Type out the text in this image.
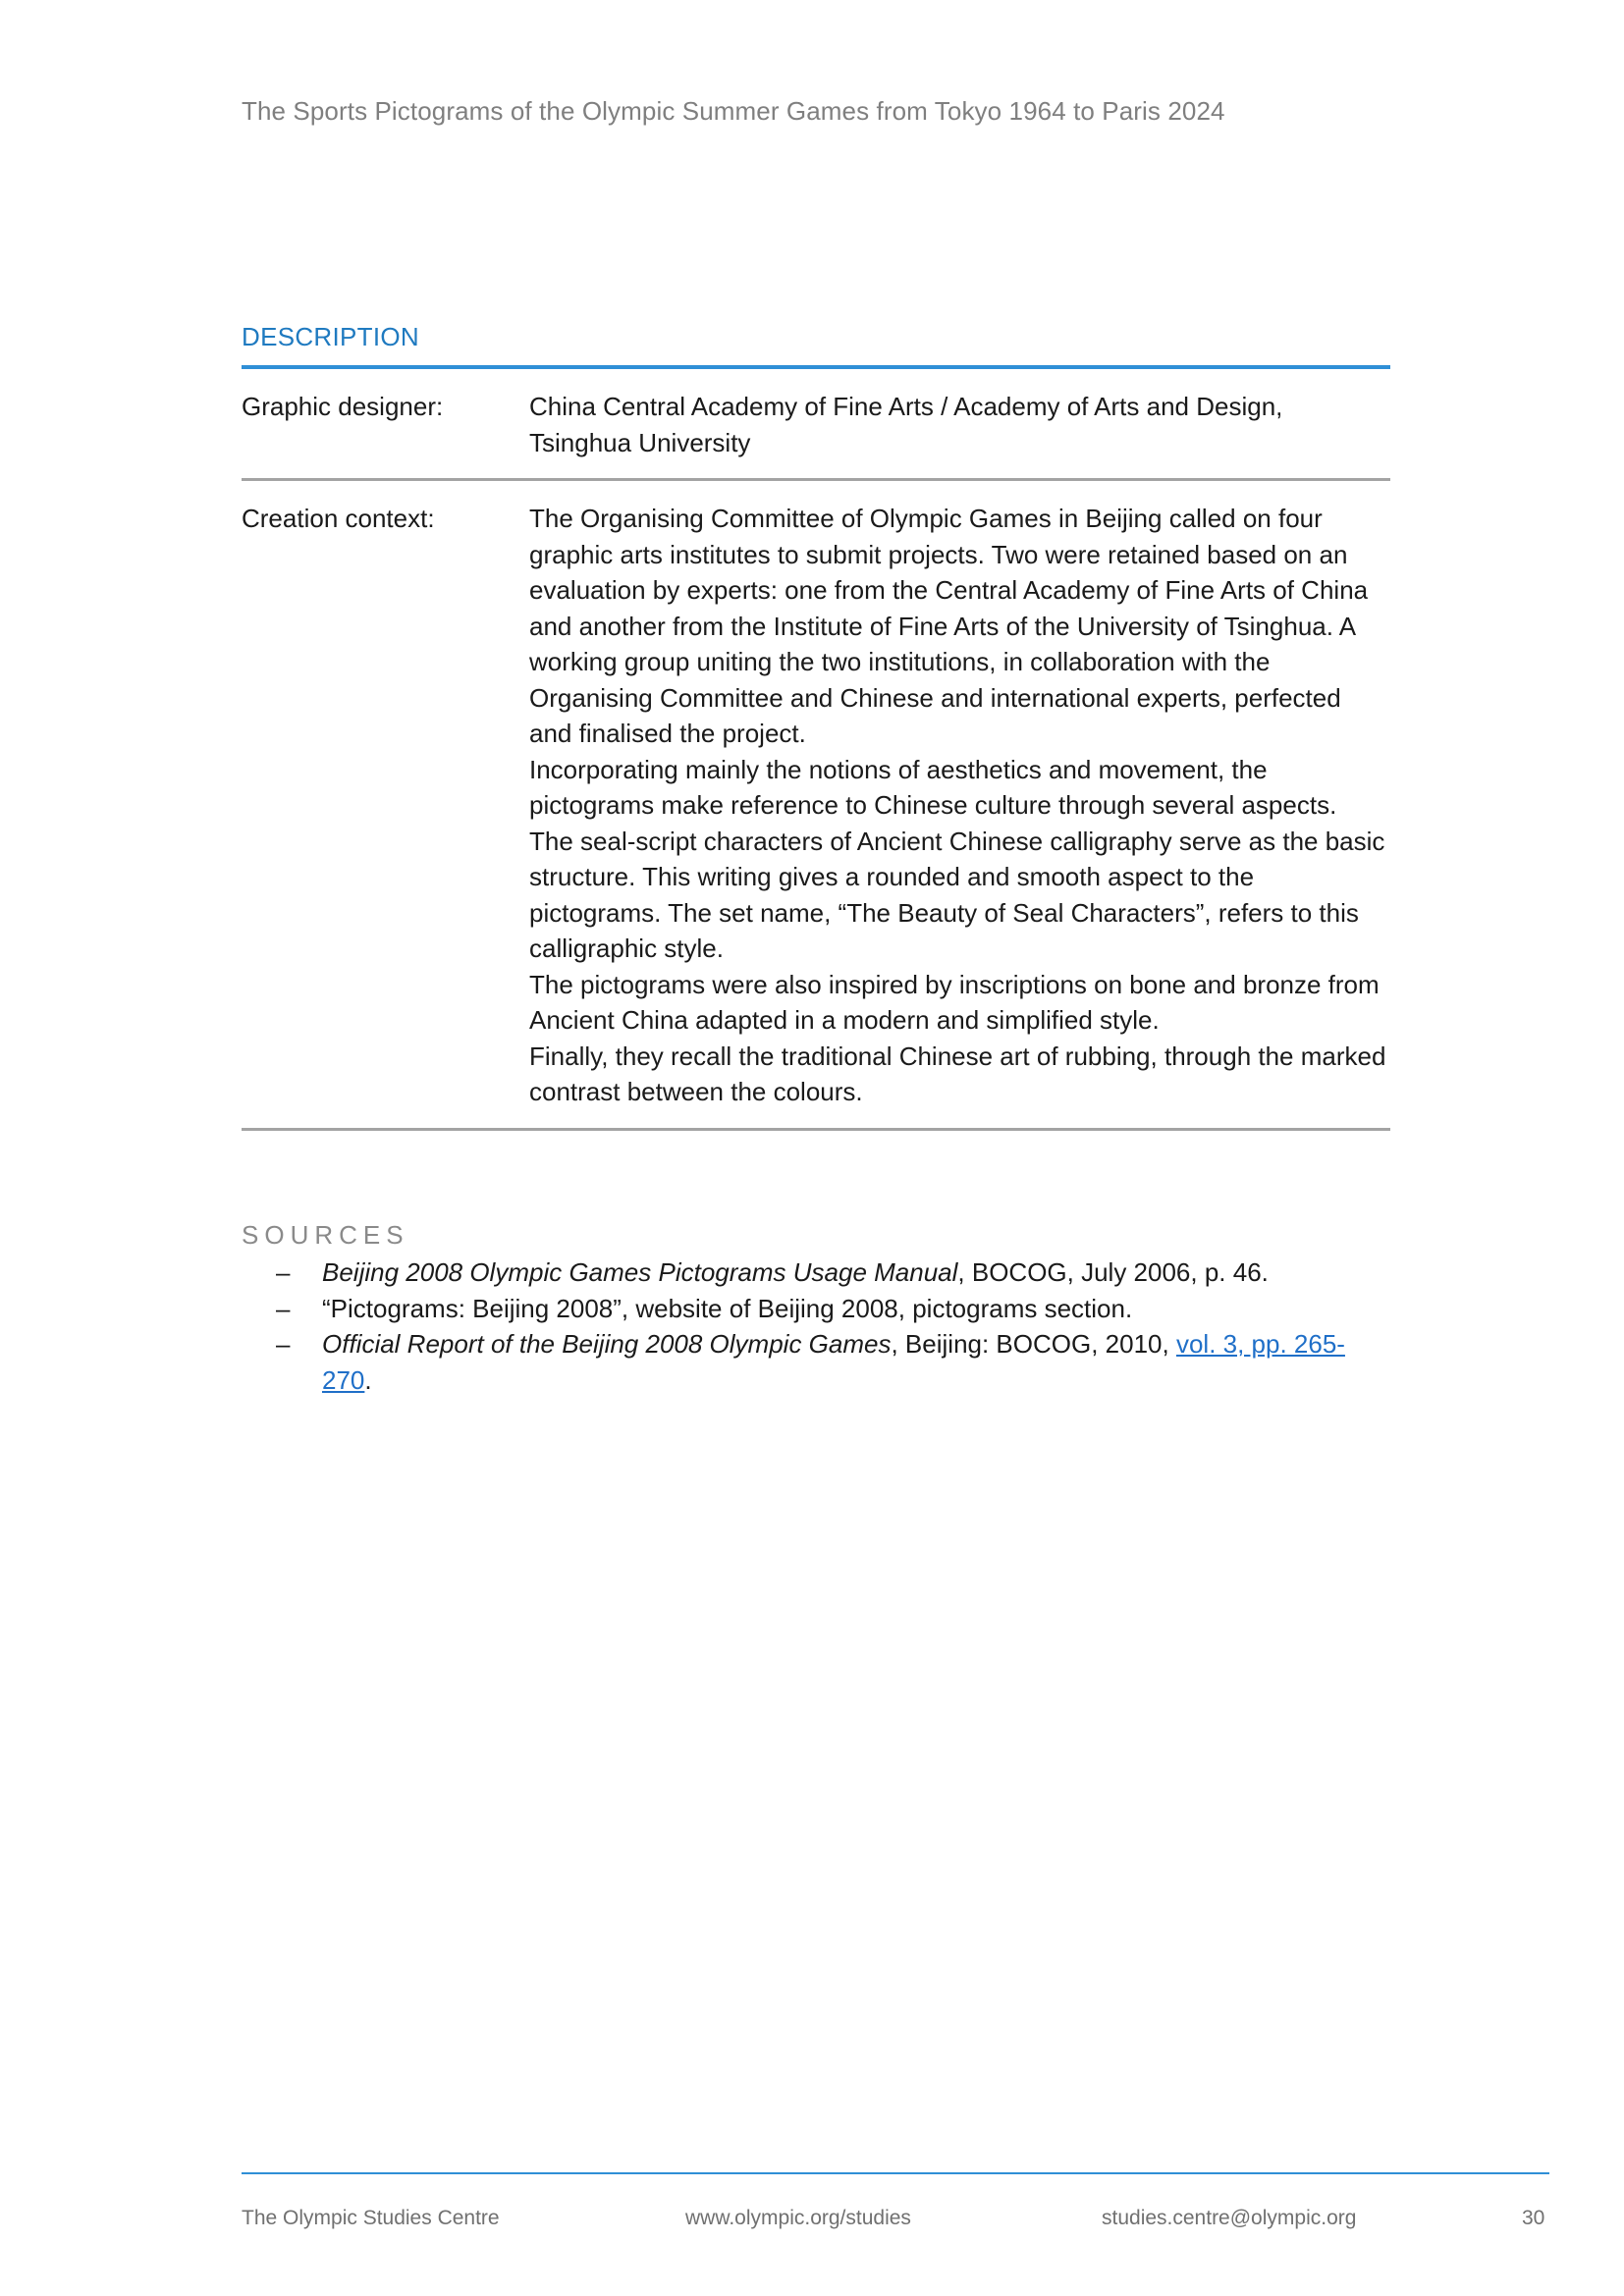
The Sports Pictograms of the Olympic Summer Games from Tokyo 1964 to Paris 2024
DESCRIPTION
Graphic designer:	China Central Academy of Fine Arts / Academy of Arts and Design, Tsinghua University

Creation context:	The Organising Committee of Olympic Games in Beijing called on four graphic arts institutes to submit projects. Two were retained based on an evaluation by experts: one from the Central Academy of Fine Arts of China and another from the Institute of Fine Arts of the University of Tsinghua. A working group uniting the two institutions, in collaboration with the Organising Committee and Chinese and international experts, perfected and finalised the project.

Incorporating mainly the notions of aesthetics and movement, the pictograms make reference to Chinese culture through several aspects.

The seal-script characters of Ancient Chinese calligraphy serve as the basic structure. This writing gives a rounded and smooth aspect to the pictograms. The set name, “The Beauty of Seal Characters”, refers to this calligraphic style.

The pictograms were also inspired by inscriptions on bone and bronze from Ancient China adapted in a modern and simplified style.

Finally, they recall the traditional Chinese art of rubbing, through the marked contrast between the colours.

SOURCES
‒	Beijing 2008 Olympic Games Pictograms Usage Manual, BOCOG, July 2006, p. 46.
‒	“Pictograms: Beijing 2008”, website of Beijing 2008, pictograms section.
‒	Official Report of the Beijing 2008 Olympic Games, Beijing: BOCOG, 2010, vol. 3, pp. 265-270.
The Olympic Studies Centre	www.olympic.org/studies	studies.centre@olympic.org	30
